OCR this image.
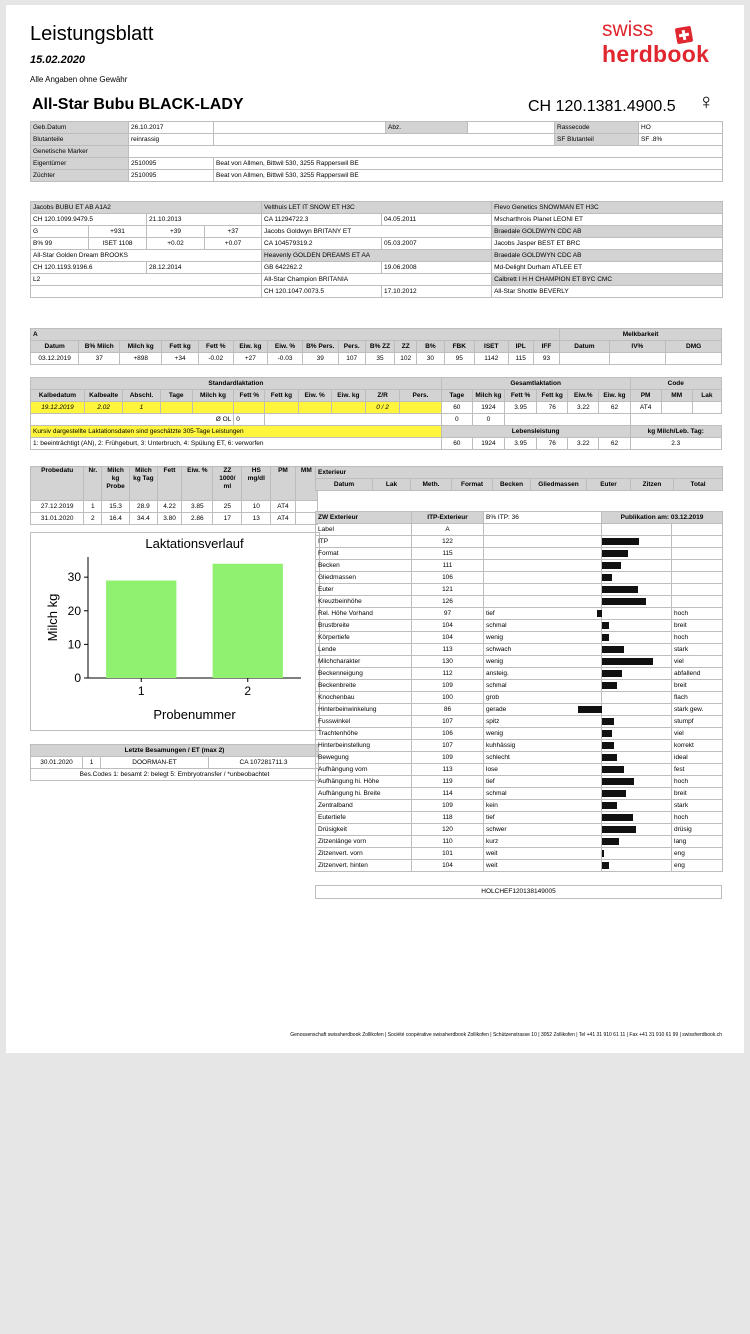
Leistungsblatt
15.02.2020
Alle Angaben ohne Gewähr
swiss
herdbook
All-Star Bubu BLACK-LADY	CH 120.1381.4900.5 ♀
Geb.Datum	26.10.2017		Abz.		Rassecode	HO
Blutanteile	reinrassig				SF Blutanteil	SF .8%
Genetische Marker						
Eigentümer	2510095	Beat von Allmen, Bittwil 530, 3255 Rapperswil BE				
Züchter	2510095	Beat von Allmen, Bittwil 530, 3255 Rapperswil BE				
Jacobs BUBU ET AB A1A2				Velthuis LET IT SNOW ET H3C		Flevo Genetics SNOWMAN ET H3C
CH 120.1099.9479.5		21.10.2013		CA 11294722.3	04.05.2011	Mscharthrois Planet LEONI ET
G	+931	+39	+37	Jacobs Goldwyn BRITANY ET		Braedale GOLDWYN CDC AB
B% 99	ISET 1108	+0.02	+0.07	CA 104579319.2	05.03.2007	Jacobs Jasper BEST ET BRC
All-Star Golden Dream BROOKS				Heavenly GOLDEN DREAMS ET AA		Braedale GOLDWYN CDC AB
CH 120.1193.9196.6		28.12.2014		GB 642262.2	19.06.2008	Md-Delight Durham ATLEE ET
L2				All-Star Champion BRITANIA		Calbrett I H H CHAMPION ET BYC CMC
				CH 120.1047.0073.5	17.10.2012	All-Star Shottle BEVERLY
A																Melkbarkeit		
Datum	B% Milch	Milch kg	Fett kg	Fett %	Eiw. kg	Eiw. %	B% Pers.	Pers.	B% ZZ	ZZ	B%	FBK	ISET	IPL	IFF	Datum	IV%	DMG
03.12.2019	37	+898	+34	-0.02	+27	-0.03	39	107	35	102	30	95	1142	115	93			
Standardlaktation											Gesamtlaktation						Code		
Kalbedatum	Kalbealte	Abschl.	Tage	Milch kg	Fett %	Fett kg	Eiw. %	Eiw. kg	Z/R	Pers.	Tage	Milch kg	Fett %	Fett kg	Eiw.%	Eiw. kg	PM	MM	Lak
19.12.2019	2.02	1							0 / 2		60	1924	3.95	76	3.22	62	AT4		
Ø OL					0						0	0							
Kursiv dargestellte Laktationsdaten sind geschätzte 305-Tage Leistungen											Lebensleistung						kg Milch/Leb. Tag:		
1: beeinträchtigt (AN), 2: Frühgeburt, 3: Unterbruch, 4: Spülung ET, 6: verworfen											60	1924	3.95	76	3.22	62	2.3		
Probedatu	Nr.	Milch kg Probe	Milch kg Tag	Fett	Eiw. %	ZZ 1000/ ml	HS mg/dl	PM	MM
27.12.2019	1	15.3	28.9	4.22	3.85	25	10	AT4	
31.01.2020	2	16.4	34.4	3.80	2.86	17	13	AT4	
Laktationsverlauf
0
10
20
30
1	2
Probenummer
Milch kg
Letzte Besamungen / ET (max 2)
30.01.2020	1	DOORMAN-ET	CA 107281711.3
Bes.Codes 1: besamt 2: belegt 5: Embryotransfer / *unbeobachtet
Exterieur
Datum	Lak	Meth.	Format	Becken	Gliedmassen	Euter	Zitzen	Total
ZW Exterieur	ITP-Exterieur	B% ITP: 36	Publikation am: 03.12.2019	
Label	A			
ITP	122		

Format	115		

Becken	111		

Gliedmassen	106		

Euter	121		

Kreuzbeinhöhe	126		

Rel. Höhe Vorhand	97	tief		hoch
Brustbreite	104	schmal		breit
Körpertiefe	104	wenig		hoch
Lende	113	schwach		stark
Milchcharakter	130	wenig		viel
Beckenneigung	112	ansteig.		abfallend
Beckenbreite	109	schmal		breit
Knochenbau	100	grob		flach
Hinterbeinwinkelung	86	gerade		stark gew.
Fusswinkel	107	spitz		stumpf
Trachtenhöhe	106	wenig		viel
Hinterbeinstellung	107	kuhhässig		korrekt
Bewegung	109	schlecht		ideal
Aufhängung vorn	113	lose		fest
Aufhängung hi. Höhe	119	tief		hoch
Aufhängung hi. Breite	114	schmal		breit
Zentralband	109	kein		stark
Eutertiefe	118	tief		hoch
Drüsigkeit	120	schwer		drüsig
Zitzenlänge vorn	110	kurz		lang
Zitzenvert. vorn	101	weit		eng
Zitzenvert. hinten	104	weit		eng
HOLCHEF120138149005
Genossenschaft swissherdbook Zollikofen | Société coopérative swissherdbook Zollikofen | Schützenstrasse 10 | 3052 Zollikofen | Tel +41 31 910 61 11 | Fax +41 31 910 61 99 | swissherdbook.ch
